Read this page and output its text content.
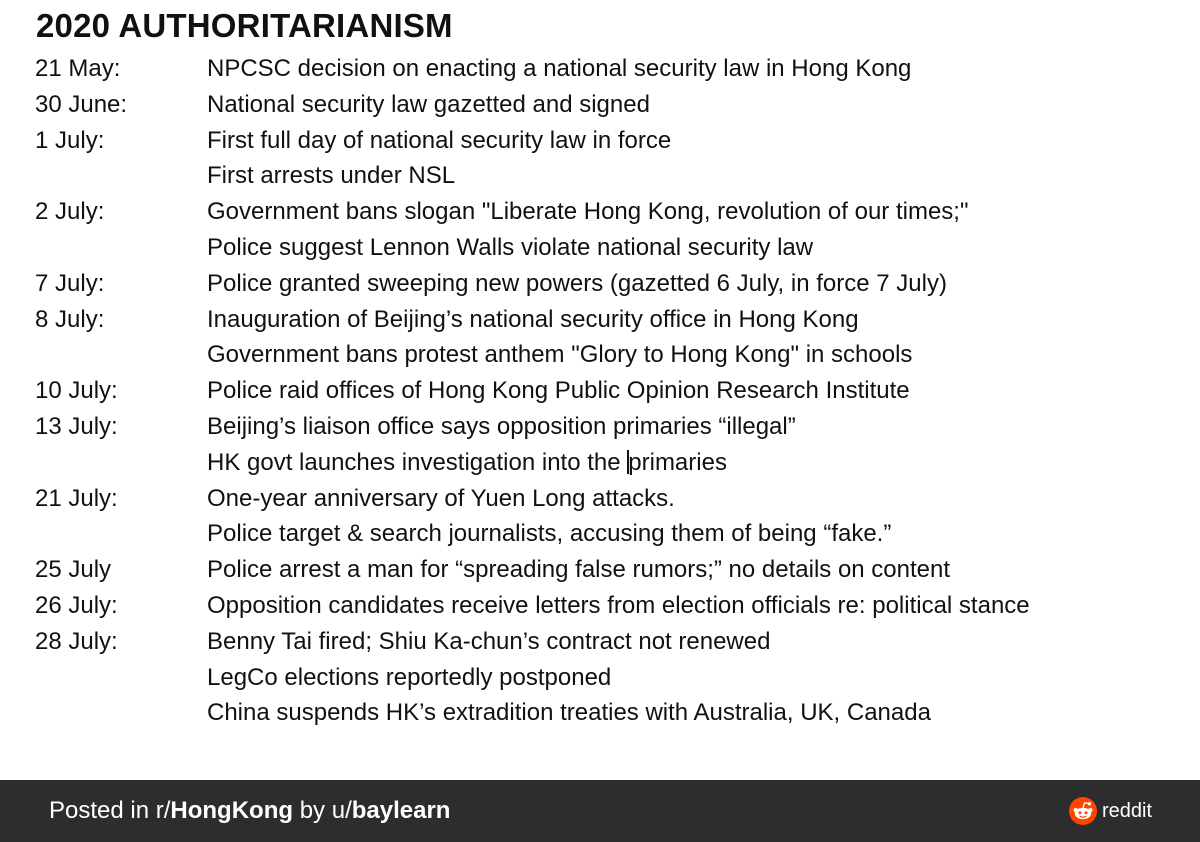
2020 AUTHORITARIANISM
21 May:	NPCSC decision on enacting a national security law in Hong Kong
30 June:	National security law gazetted and signed
1 July:	First full day of national security law in force
First arrests under NSL
2 July:	Government bans slogan "Liberate Hong Kong, revolution of our times;"
Police suggest Lennon Walls violate national security law
7 July:	Police granted sweeping new powers (gazetted 6 July, in force 7 July)
8 July:	Inauguration of Beijing’s national security office in Hong Kong
Government bans protest anthem "Glory to Hong Kong" in schools
10 July:	Police raid offices of Hong Kong Public Opinion Research Institute
13 July:	Beijing’s liaison office says opposition primaries “illegal”
HK govt launches investigation into the primaries
21 July:	One-year anniversary of Yuen Long attacks.
Police target & search journalists, accusing them of being “fake.”
25 July	Police arrest a man for “spreading false rumors;” no details on content
26 July:	Opposition candidates receive letters from election officials re: political stance
28 July:	Benny Tai fired; Shiu Ka-chun’s contract not renewed
LegCo elections reportedly postponed
China suspends HK’s extradition treaties with Australia, UK, Canada
Posted in r/HongKong by u/baylearn	reddit
